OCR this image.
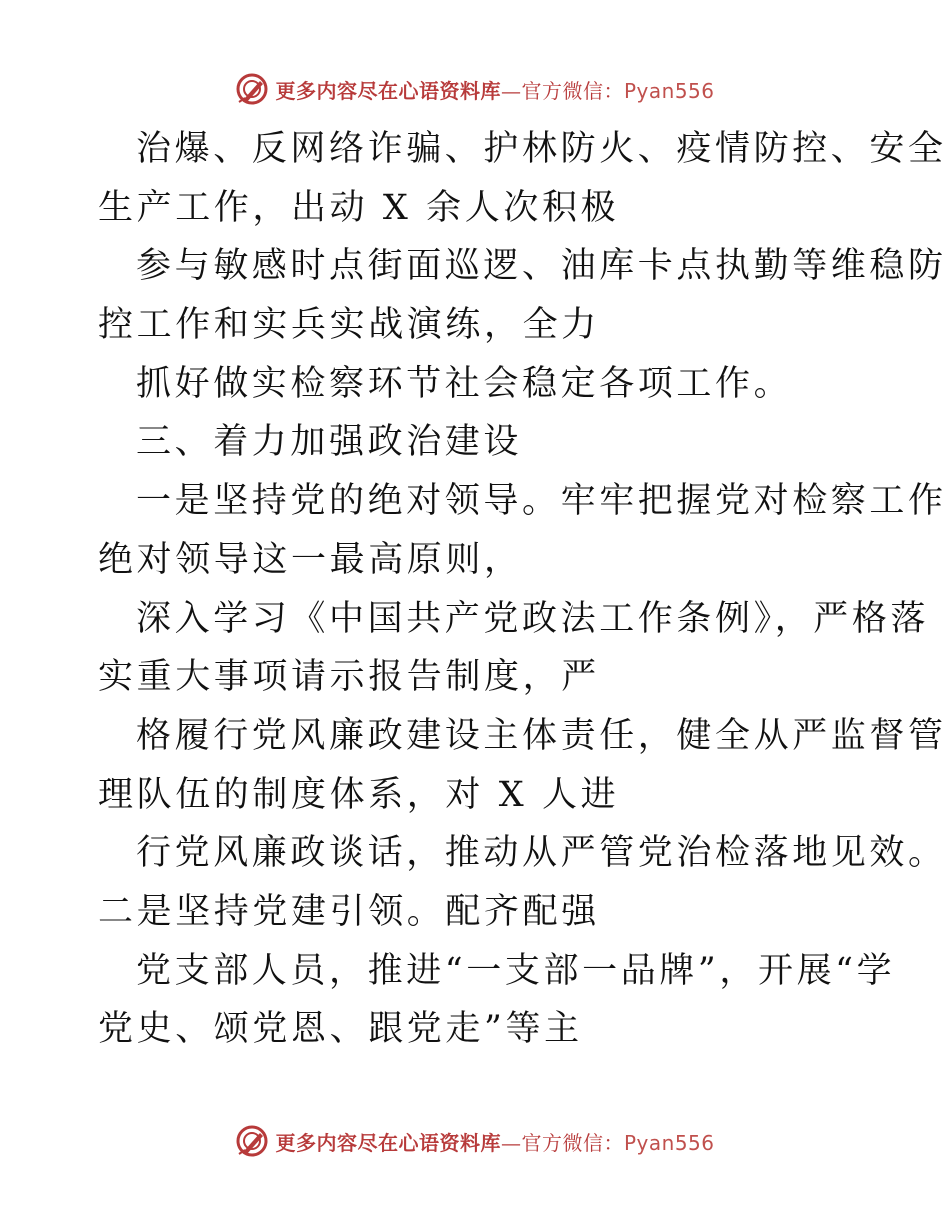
更多内容尽在心语资料库—官方微信：Pyan556
治爆、反网络诈骗、护林防火、疫情防控、安全
生产工作，出动 X 余人次积极
参与敏感时点街面巡逻、油库卡点执勤等维稳防
控工作和实兵实战演练，全力
抓好做实检察环节社会稳定各项工作。
三、着力加强政治建设
一是坚持党的绝对领导。牢牢把握党对检察工作
绝对领导这一最高原则，
深入学习《中国共产党政法工作条例》，严格落
实重大事项请示报告制度，严
格履行党风廉政建设主体责任，健全从严监督管
理队伍的制度体系，对 X 人进
行党风廉政谈话，推动从严管党治检落地见效。
二是坚持党建引领。配齐配强
党支部人员，推进“一支部一品牌”，开展“学
党史、颂党恩、跟党走”等主
更多内容尽在心语资料库—官方微信：Pyan556
